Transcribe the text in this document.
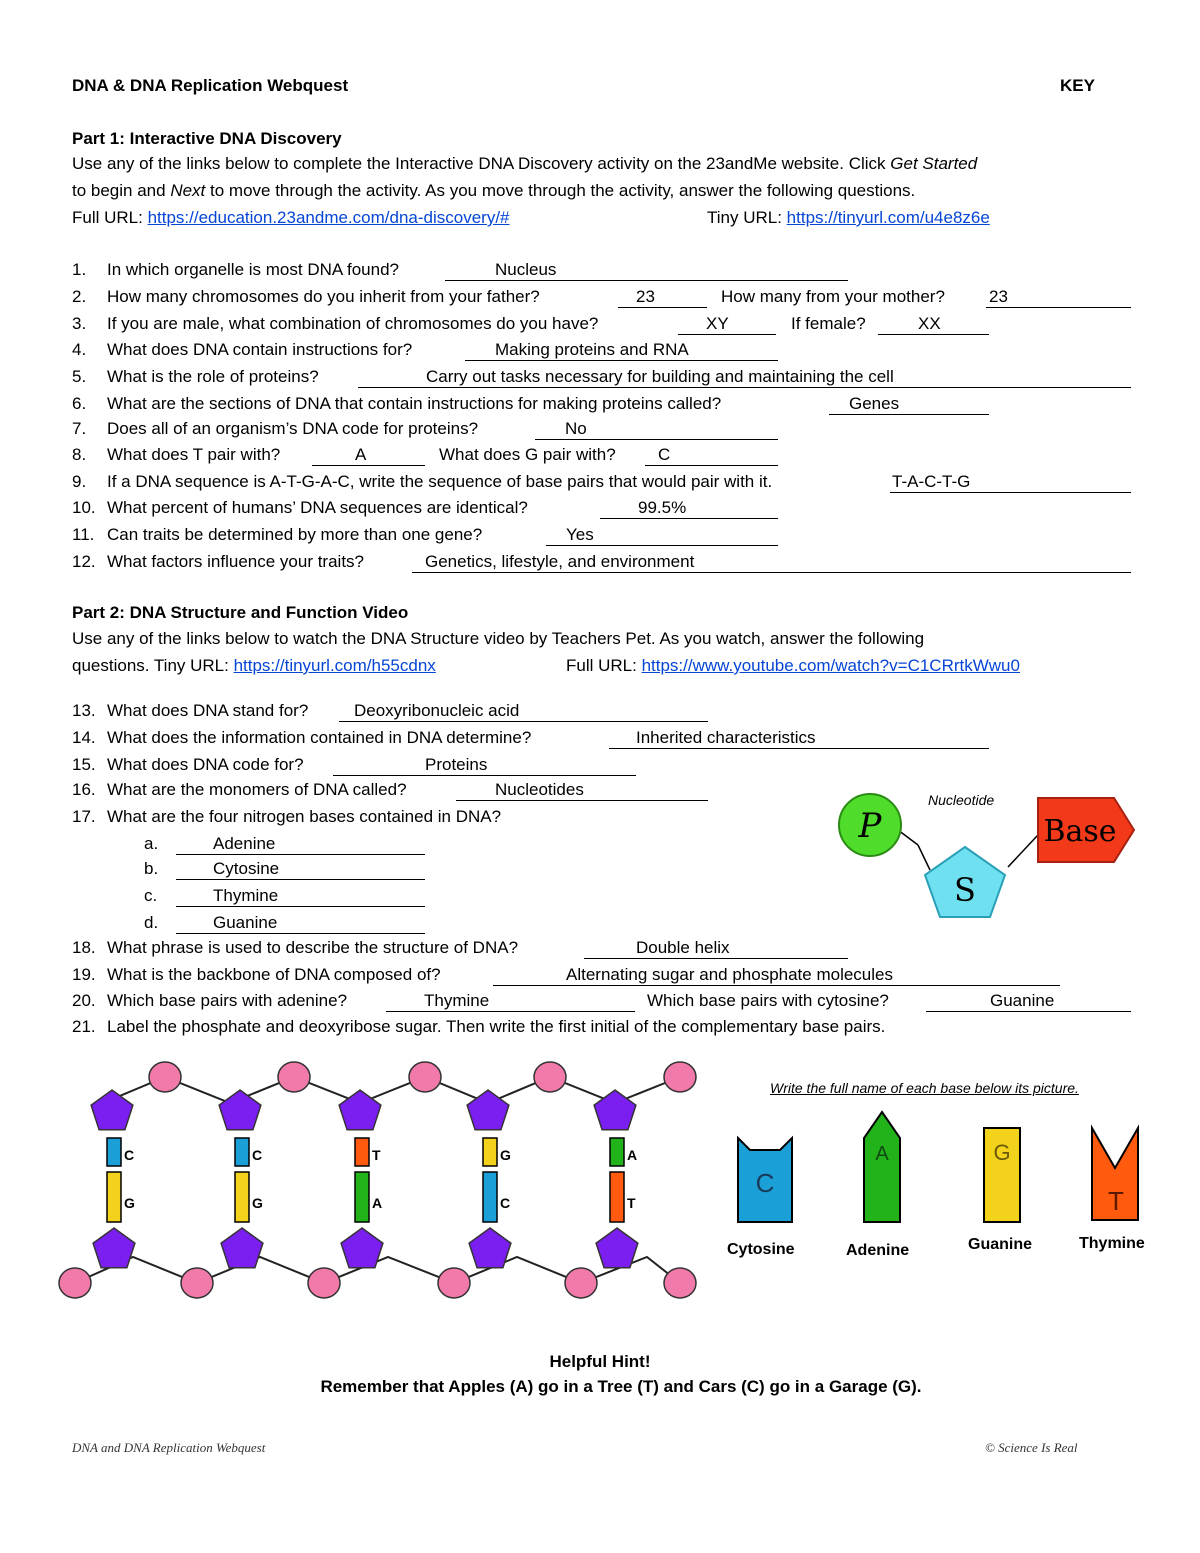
DNA & DNA Replication Webquest	KEY
Part 1: Interactive DNA Discovery
Use any of the links below to complete the Interactive DNA Discovery activity on the 23andMe website. Click Get Started
to begin and Next to move through the activity. As you move through the activity, answer the following questions.
Full URL: https://education.23andme.com/dna-discovery/#	Tiny URL: https://tinyurl.com/u4e8z6e
1. In which organelle is most DNA found?	Nucleus
2. How many chromosomes do you inherit from your father?	23	How many from your mother?	23
3. If you are male, what combination of chromosomes do you have?	XY	If female?	XX
4. What does DNA contain instructions for?	Making proteins and RNA
5. What is the role of proteins?	Carry out tasks necessary for building and maintaining the cell
6. What are the sections of DNA that contain instructions for making proteins called?	Genes
7. Does all of an organism’s DNA code for proteins?	No
8. What does T pair with?	A	What does G pair with? C
9. If a DNA sequence is A-T-G-A-C, write the sequence of base pairs that would pair with it.	T-A-C-T-G
10. What percent of humans’ DNA sequences are identical?	99.5%
11. Can traits be determined by more than one gene?	Yes
12. What factors influence your traits?	Genetics, lifestyle, and environment
Part 2: DNA Structure and Function Video
Use any of the links below to watch the DNA Structure video by Teachers Pet. As you watch, answer the following
questions. Tiny URL: https://tinyurl.com/h55cdnx	Full URL: https://www.youtube.com/watch?v=C1CRrtkWwu0
13. What does DNA stand for?	Deoxyribonucleic acid
14. What does the information contained in DNA determine?	Inherited characteristics
15. What does DNA code for?	Proteins
16. What are the monomers of DNA called?	Nucleotides
17. What are the four nitrogen bases contained in DNA?
a.	Adenine
b.	Cytosine
c.	Thymine
d.	Guanine
18. What phrase is used to describe the structure of DNA?	Double helix
19. What is the backbone of DNA composed of?	Alternating sugar and phosphate molecules
20. Which base pairs with adenine?	Thymine	Which base pairs with cytosine?	Guanine
21. Label the phosphate and deoxyribose sugar. Then write the first initial of the complementary base pairs.
P
S
Base
Nucleotide
C
G
C
G
T
A
G
C
A
T
Write the full name of each base below its picture.
C
A	G
T
Cytosine	Adenine	Guanine	Thymine
Helpful Hint!
Remember that Apples (A) go in a Tree (T) and Cars (C) go in a Garage (G).
DNA and DNA Replication Webquest	© Science Is Real
